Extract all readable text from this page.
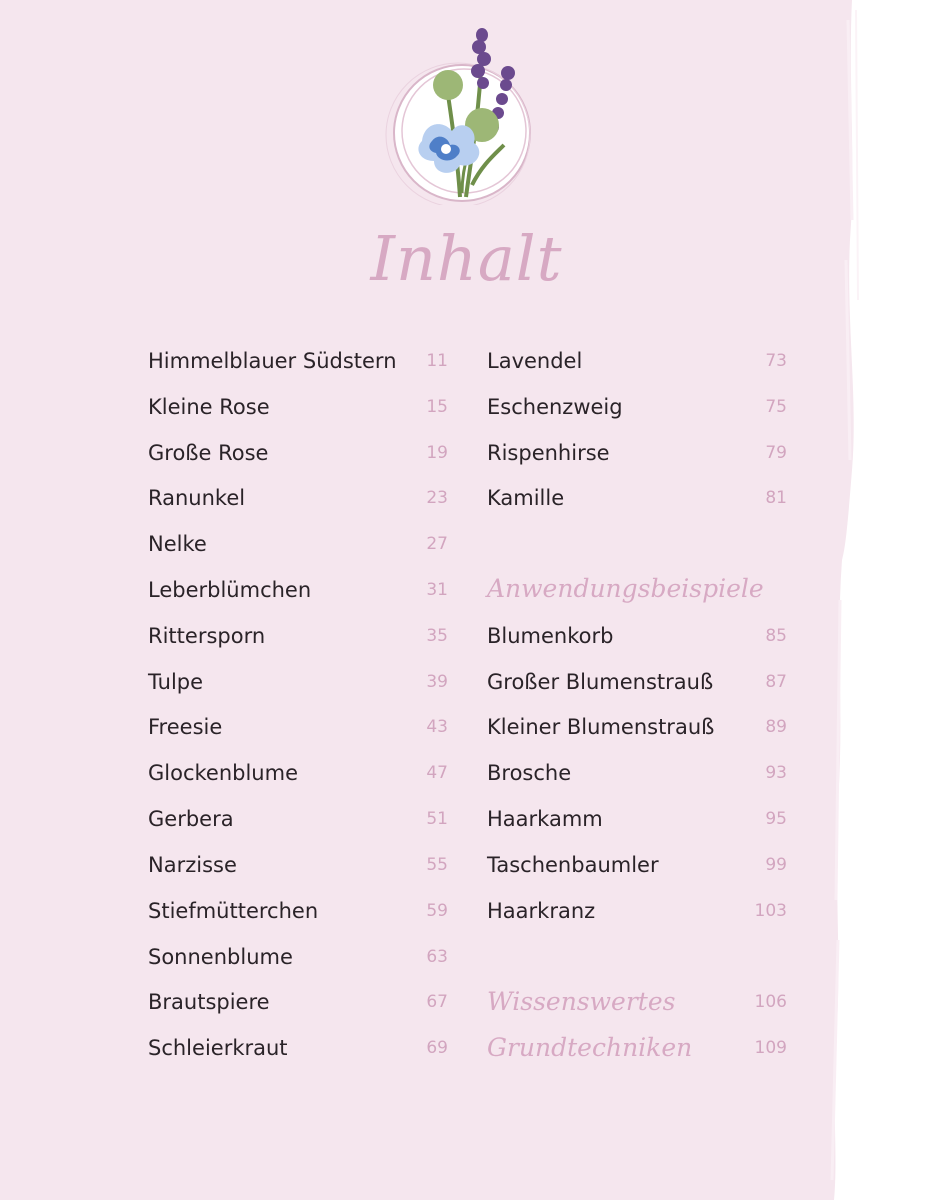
Inhalt
Himmelblauer Südstern 11
Kleine Rose	15
Große Rose	19
Ranunkel	23
Nelke	27
Leberblümchen	31
Rittersporn	35
Tulpe	39
Freesie	43
Glockenblume	47
Gerbera	51
Narzisse	55
Stiefmütterchen	59
Sonnenblume	63
Brautspiere	67
Schleierkraut	69
Lavendel	73
Eschenzweig	75
Rispenhirse	79
Kamille	81
Anwendungsbeispiele
Blumenkorb	85
Großer Blumenstrauß	87
Kleiner Blumenstrauß	89
Brosche	93
Haarkamm	95
Taschenbaumler	99
Haarkranz	103
Wissenswertes	106
Grundtechniken	109
